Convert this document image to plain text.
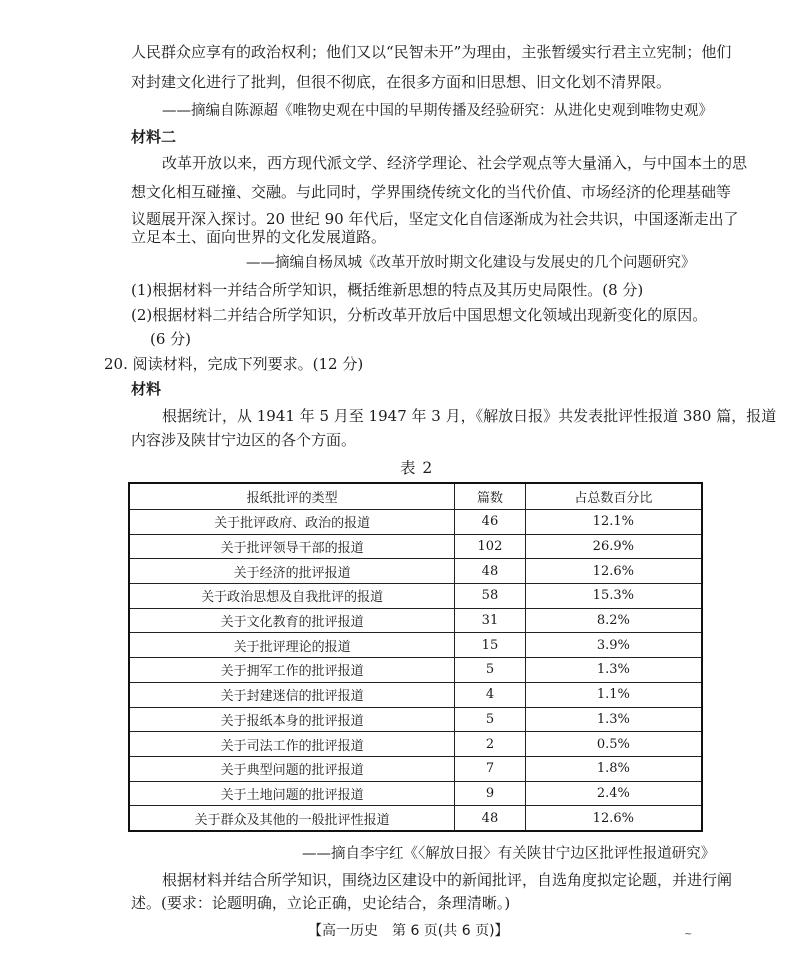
人民群众应享有的政治权利；他们又以“民智未开”为理由，主张暂缓实行君主立宪制；他们
对封建文化进行了批判，但很不彻底，在很多方面和旧思想、旧文化划不清界限。
——摘编自陈源超《唯物史观在中国的早期传播及经验研究：从进化史观到唯物史观》
材料二
改革开放以来，西方现代派文学、经济学理论、社会学观点等大量涌入，与中国本土的思
想文化相互碰撞、交融。与此同时，学界围绕传统文化的当代价值、市场经济的伦理基础等
议题展开深入探讨。20 世纪 90 年代后，坚定文化自信逐渐成为社会共识，中国逐渐走出了
立足本土、面向世界的文化发展道路。
——摘编自杨凤城《改革开放时期文化建设与发展史的几个问题研究》
(1)根据材料一并结合所学知识，概括维新思想的特点及其历史局限性。(8 分)
(2)根据材料二并结合所学知识，分析改革开放后中国思想文化领域出现新变化的原因。
(6 分)
20. 阅读材料，完成下列要求。(12 分)
材料
根据统计，从 1941 年 5 月至 1947 年 3 月，《解放日报》共发表批评性报道 380 篇，报道
内容涉及陕甘宁边区的各个方面。
表 2
报纸批评的类型	篇数	占总数百分比
关于批评政府、政治的报道	46	12.1%
关于批评领导干部的报道	102	26.9%
关于经济的批评报道	48	12.6%
关于政治思想及自我批评的报道	58	15.3%
关于文化教育的批评报道	31	8.2%
关于批评理论的报道	15	3.9%
关于拥军工作的批评报道	5	1.3%
关于封建迷信的批评报道	4	1.1%
关于报纸本身的批评报道	5	1.3%
关于司法工作的批评报道	2	0.5%
关于典型问题的批评报道	7	1.8%
关于土地问题的批评报道	9	2.4%
关于群众及其他的一般批评性报道	48	12.6%
——摘自李宇红《〈解放日报〉有关陕甘宁边区批评性报道研究》
根据材料并结合所学知识，围绕边区建设中的新闻批评，自选角度拟定论题，并进行阐
述。(要求：论题明确，立论正确，史论结合，条理清晰。)
【高一历史　第 6 页(共 6 页)】	~
